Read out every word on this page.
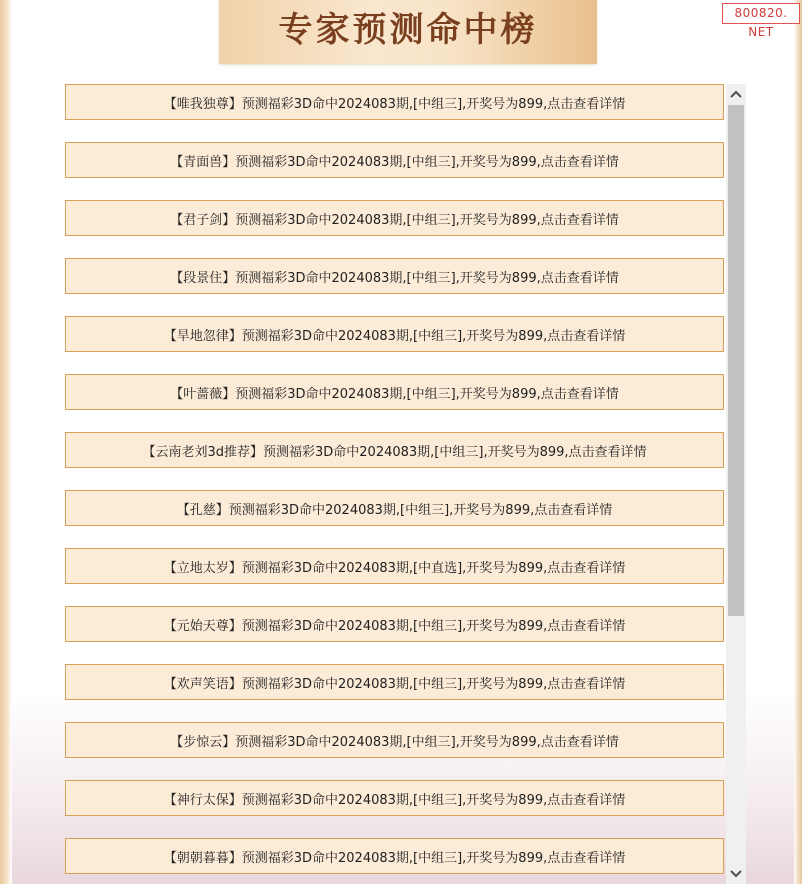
专家预测命中榜	800820. NET
【唯我独尊】预测福彩3D命中2024083期,[中组三],开奖号为899,点击查看详情
【青面兽】预测福彩3D命中2024083期,[中组三],开奖号为899,点击查看详情
【君子剑】预测福彩3D命中2024083期,[中组三],开奖号为899,点击查看详情
【段景住】预测福彩3D命中2024083期,[中组三],开奖号为899,点击查看详情
【旱地忽律】预测福彩3D命中2024083期,[中组三],开奖号为899,点击查看详情
【叶蔷薇】预测福彩3D命中2024083期,[中组三],开奖号为899,点击查看详情
【云南老刘3d推荐】预测福彩3D命中2024083期,[中组三],开奖号为899,点击查看详情
【孔慈】预测福彩3D命中2024083期,[中组三],开奖号为899,点击查看详情
【立地太岁】预测福彩3D命中2024083期,[中直选],开奖号为899,点击查看详情
【元始天尊】预测福彩3D命中2024083期,[中组三],开奖号为899,点击查看详情
【欢声笑语】预测福彩3D命中2024083期,[中组三],开奖号为899,点击查看详情
【步惊云】预测福彩3D命中2024083期,[中组三],开奖号为899,点击查看详情
【神行太保】预测福彩3D命中2024083期,[中组三],开奖号为899,点击查看详情
【朝朝暮暮】预测福彩3D命中2024083期,[中组三],开奖号为899,点击查看详情
